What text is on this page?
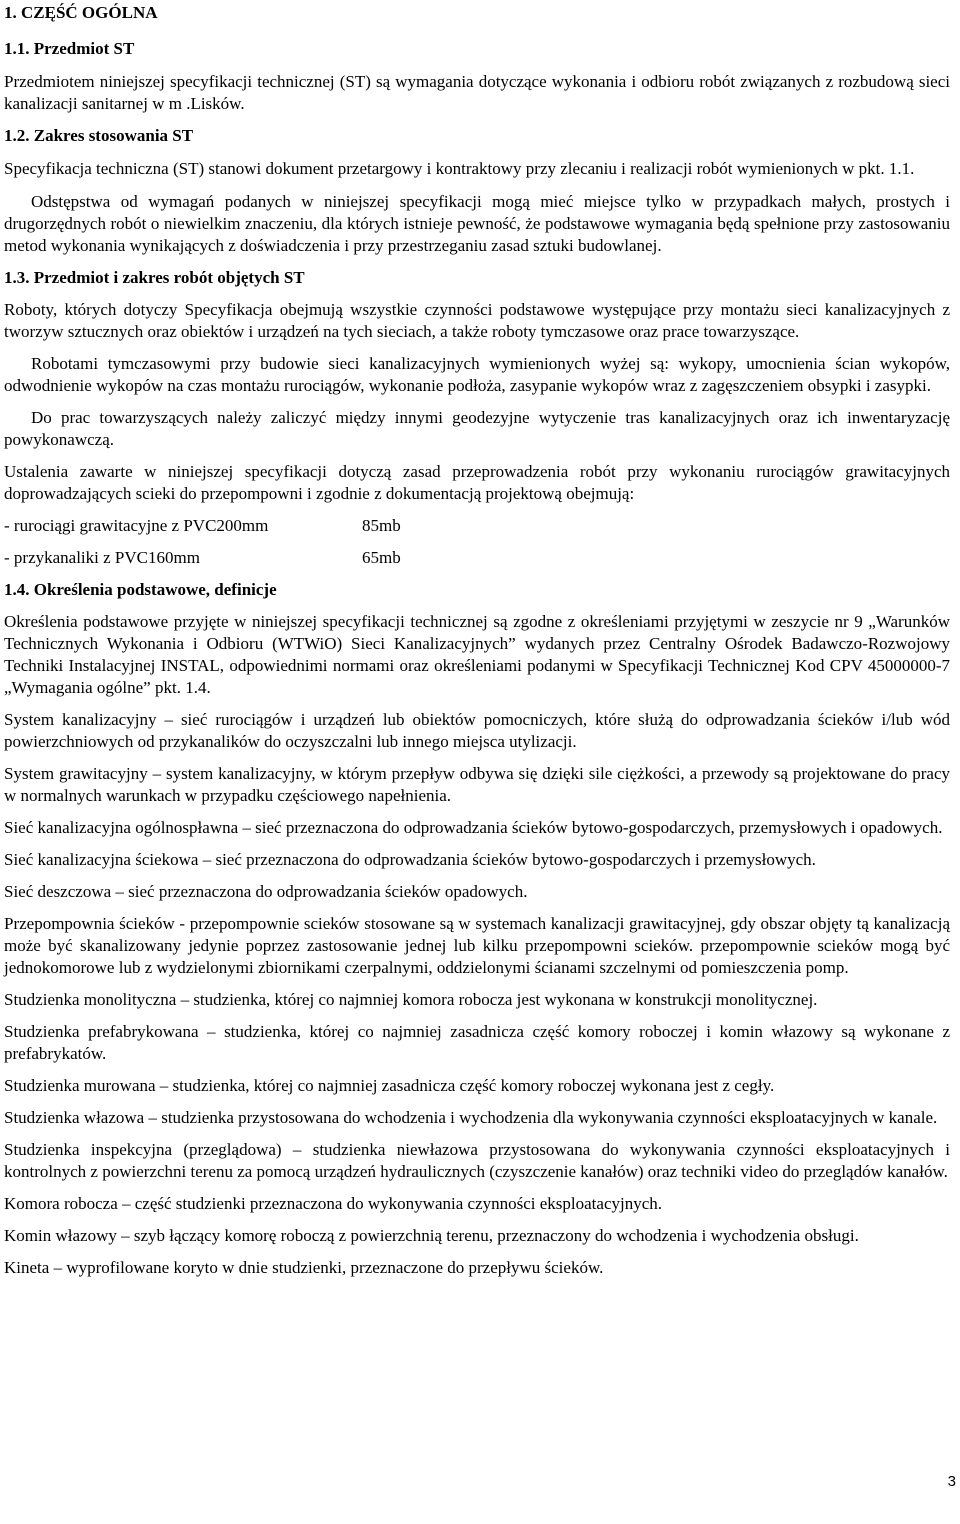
1. CZĘŚĆ OGÓLNA

1.1. Przedmiot ST

Przedmiotem niniejszej specyfikacji technicznej (ST) są wymagania dotyczące wykonania i odbioru robót związanych z rozbudową sieci kanalizacji sanitarnej w m .Lisków.

1.2. Zakres stosowania ST

Specyfikacja techniczna (ST) stanowi dokument przetargowy i kontraktowy przy zlecaniu i realizacji robót wymienionych w pkt. 1.1.

Odstępstwa od wymagań podanych w niniejszej specyfikacji mogą mieć miejsce tylko w przypadkach małych, prostych i drugorzędnych robót o niewielkim znaczeniu, dla których istnieje pewność, że podstawowe wymagania będą spełnione przy zastosowaniu metod wykonania wynikających z doświadczenia i przy przestrzeganiu zasad sztuki budowlanej.

1.3. Przedmiot i zakres robót objętych ST

Roboty, których dotyczy Specyfikacja obejmują wszystkie czynności podstawowe występujące przy montażu sieci kanalizacyjnych z tworzyw sztucznych oraz obiektów i urządzeń na tych sieciach, a także roboty tymczasowe oraz prace towarzyszące.

Robotami tymczasowymi przy budowie sieci kanalizacyjnych wymienionych wyżej są: wykopy, umocnienia ścian wykopów, odwodnienie wykopów na czas montażu rurociągów, wykonanie podłoża, zasypanie wykopów wraz z zagęszczeniem obsypki i zasypki.

Do prac towarzyszących należy zaliczyć między innymi geodezyjne wytyczenie tras kanalizacyjnych oraz ich inwentaryzację powykonawczą.

Ustalenia zawarte w niniejszej specyfikacji dotyczą zasad przeprowadzenia robót przy wykonaniu rurociągów grawitacyjnych doprowadzających scieki do przepompowni i zgodnie z dokumentacją projektową obejmują:

- rurociągi grawitacyjne z PVC200mm	85mb
- przykanaliki z PVC160mm	65mb

1.4. Określenia podstawowe, definicje

Określenia podstawowe przyjęte w niniejszej specyfikacji technicznej są zgodne z określeniami przyjętymi w zeszycie nr 9 „Warunków Technicznych Wykonania i Odbioru (WTWiO) Sieci Kanalizacyjnych” wydanych przez Centralny Ośrodek Badawczo-Rozwojowy Techniki Instalacyjnej INSTAL, odpowiednimi normami oraz określeniami podanymi w Specyfikacji Technicznej Kod CPV 45000000-7 „Wymagania ogólne” pkt. 1.4.

System kanalizacyjny – sieć rurociągów i urządzeń lub obiektów pomocniczych, które służą do odprowadzania ścieków i/lub wód powierzchniowych od przykanalików do oczyszczalni lub innego miejsca utylizacji.

System grawitacyjny – system kanalizacyjny, w którym przepływ odbywa się dzięki sile ciężkości, a przewody są projektowane do pracy w normalnych warunkach w przypadku częściowego napełnienia.

Sieć kanalizacyjna ogólnospławna – sieć przeznaczona do odprowadzania ścieków bytowo-gospodarczych, przemysłowych i opadowych.

Sieć kanalizacyjna ściekowa – sieć przeznaczona do odprowadzania ścieków bytowo-gospodarczych i przemysłowych.

Sieć deszczowa – sieć przeznaczona do odprowadzania ścieków opadowych.

Przepompownia ścieków - przepompownie scieków stosowane są w systemach kanalizacji grawitacyjnej, gdy obszar objęty tą kanalizacją może być skanalizowany jedynie poprzez zastosowanie jednej lub kilku przepompowni scieków. przepompownie scieków mogą być jednokomorowe lub z wydzielonymi zbiornikami czerpalnymi, oddzielonymi ścianami szczelnymi od pomieszczenia pomp.

Studzienka monolityczna – studzienka, której co najmniej komora robocza jest wykonana w konstrukcji monolitycznej.

Studzienka prefabrykowana – studzienka, której co najmniej zasadnicza część komory roboczej i komin włazowy są wykonane z prefabrykatów.

Studzienka murowana – studzienka, której co najmniej zasadnicza część komory roboczej wykonana jest z cegły.

Studzienka włazowa – studzienka przystosowana do wchodzenia i wychodzenia dla wykonywania czynności eksploatacyjnych w kanale.

Studzienka inspekcyjna (przeglądowa) – studzienka niewłazowa przystosowana do wykonywania czynności eksploatacyjnych i kontrolnych z powierzchni terenu za pomocą urządzeń hydraulicznych (czyszczenie kanałów) oraz techniki video do przeglądów kanałów.

Komora robocza – część studzienki przeznaczona do wykonywania czynności eksploatacyjnych.

Komin włazowy – szyb łączący komorę roboczą z powierzchnią terenu, przeznaczony do wchodzenia i wychodzenia obsługi.

Kineta – wyprofilowane koryto w dnie studzienki, przeznaczone do przepływu ścieków.

3
